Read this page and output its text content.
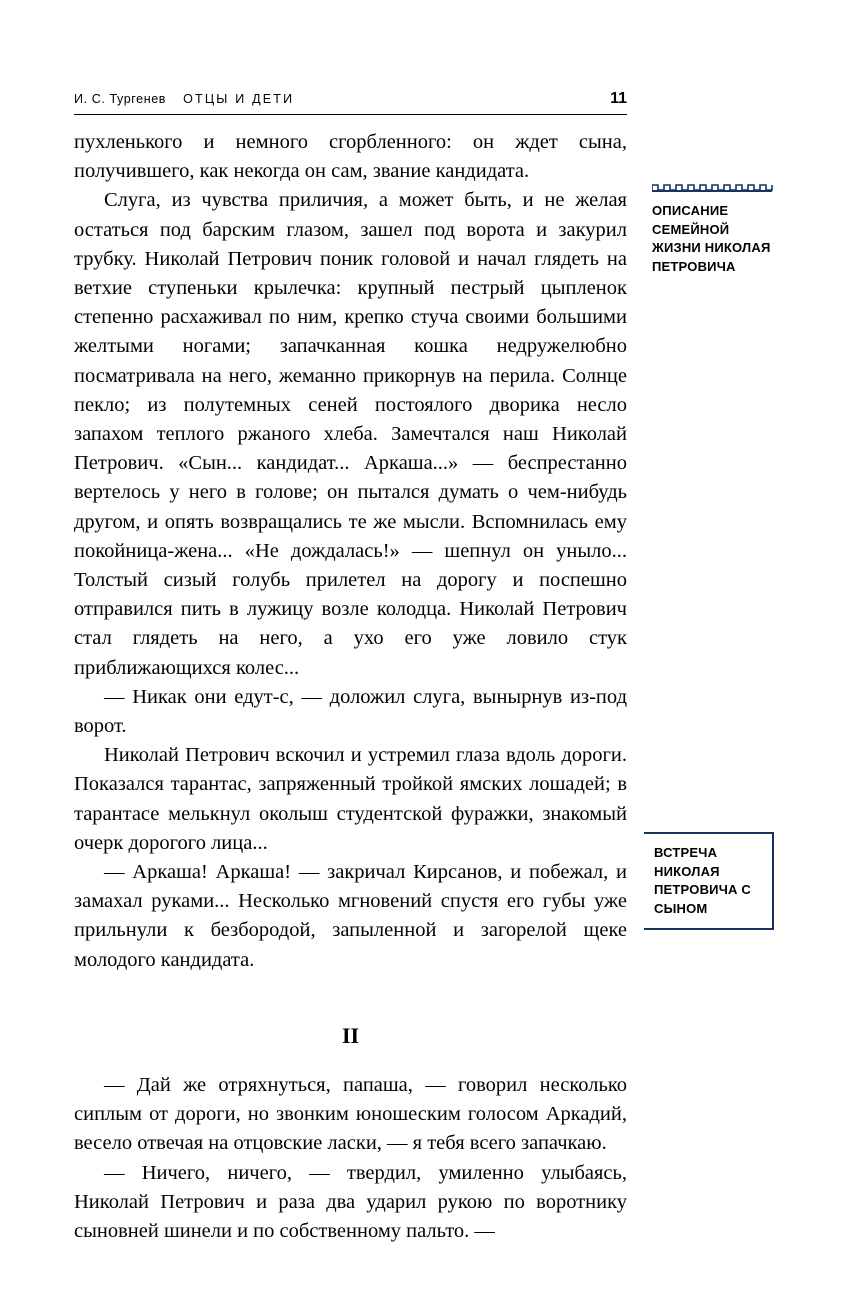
И. С. Тургенев ОТЦЫ И ДЕТИ	11

пухленького и немного сгорбленного: он ждет сына, получившего, как некогда он сам, звание кандидата.

Слуга, из чувства приличия, а может быть, и не желая остаться под барским глазом, зашел под ворота и закурил трубку. Николай Петрович поник головой и начал глядеть на ветхие ступеньки крылечка: крупный пестрый цыпленок степенно расхаживал по ним, крепко стуча своими большими желтыми ногами; запачканная кошка недружелюбно посматривала на него, жеманно прикорнув на перила. Солнце пекло; из полутемных сеней постоялого дворика несло запахом теплого ржаного хлеба. Замечтался наш Николай Петрович. «Сын... кандидат... Аркаша...» — беспрестанно вертелось у него в голове; он пытался думать о чем-нибудь другом, и опять возвращались те же мысли. Вспомнилась ему покойница-жена... «Не дождалась!» — шепнул он уныло... Толстый сизый голубь прилетел на дорогу и поспешно отправился пить в лужицу возле колодца. Николай Петрович стал глядеть на него, а ухо его уже ловило стук приближающихся колес...

— Никак они едут-с, — доложил слуга, вынырнув из-под ворот.

Николай Петрович вскочил и устремил глаза вдоль дороги. Показался тарантас, запряженный тройкой ямских лошадей; в тарантасе мелькнул околыш студентской фуражки, знакомый очерк дорогого лица...

— Аркаша! Аркаша! — закричал Кирсанов, и побежал, и замахал руками... Несколько мгновений спустя его губы уже прильнули к безбородой, запыленной и загорелой щеке молодого кандидата.

II

— Дай же отряхнуться, папаша, — говорил несколько сиплым от дороги, но звонким юношеским голосом Аркадий, весело отвечая на отцовские ласки, — я тебя всего запачкаю.

— Ничего, ничего, — твердил, умиленно улыбаясь, Николай Петрович и раза два ударил рукою по воротнику сыновней шинели и по собственному пальто. —

ОПИСАНИЕ СЕМЕЙНОЙ ЖИЗНИ НИКОЛАЯ ПЕТРОВИЧА
ВСТРЕЧА НИКОЛАЯ ПЕТРОВИЧА С СЫНОМ
